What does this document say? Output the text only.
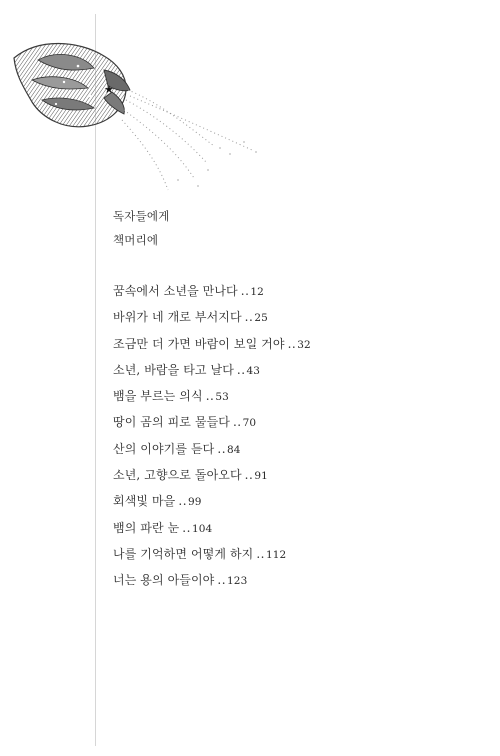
★
독자들에게
책머리에
꿈속에서 소년을 만나다 ..12
바위가 네 개로 부서지다 ..25
조금만 더 가면 바람이 보일 거야 ..32
소년, 바람을 타고 날다 ..43
뱀을 부르는 의식 ..53
땅이 곰의 피로 물들다 ..70
산의 이야기를 듣다 ..84
소년, 고향으로 돌아오다 ..91
회색빛 마을 ..99
뱀의 파란 눈 ..104
나를 기억하면 어떻게 하지 ..112
너는 용의 아들이야 ..123
